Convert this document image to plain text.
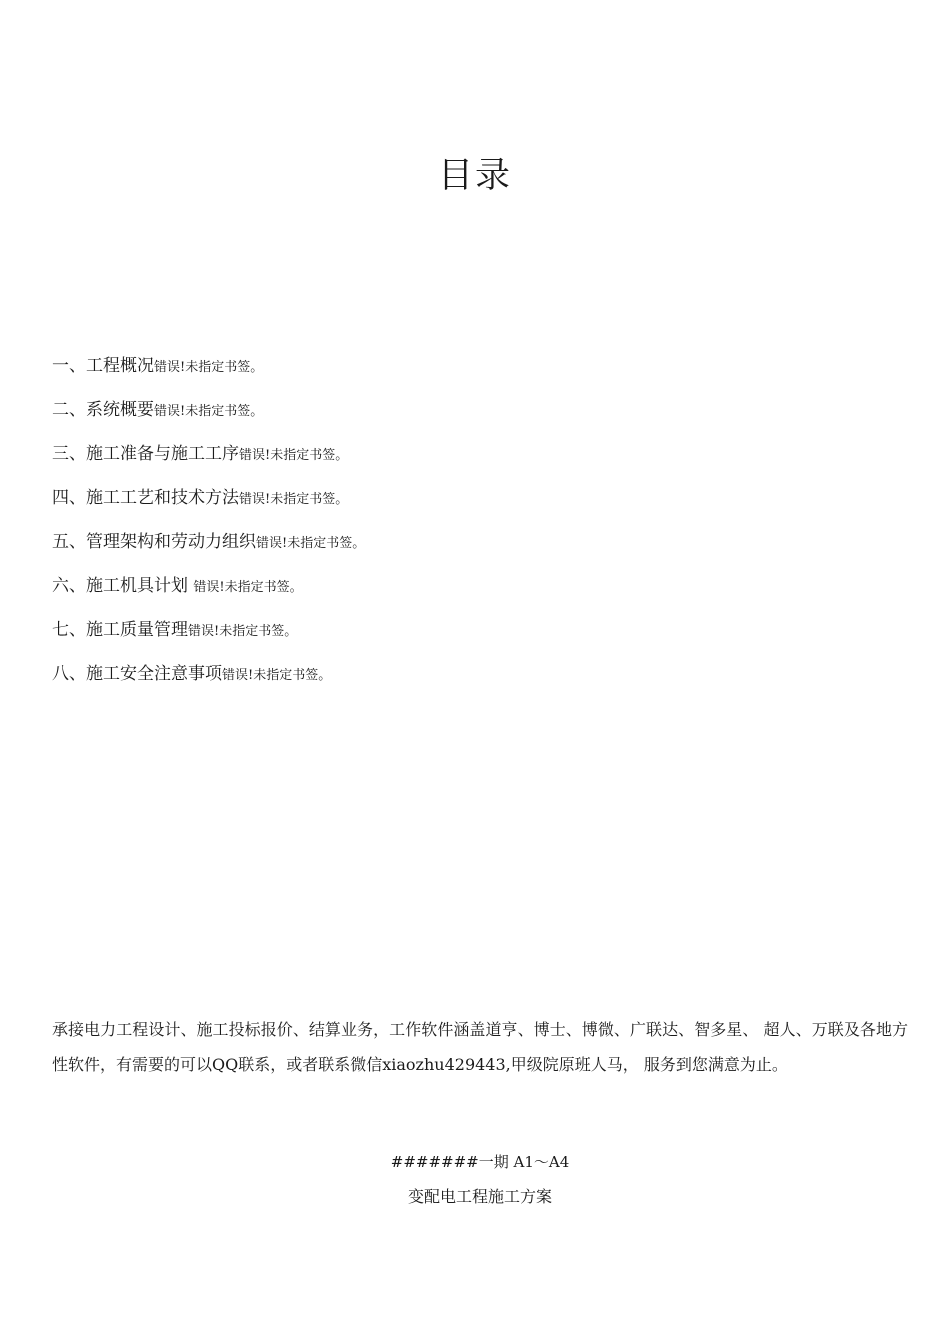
目录
一、工程概况错误!未指定书签。
二、系统概要错误!未指定书签。
三、施工准备与施工工序错误!未指定书签。
四、施工工艺和技术方法错误!未指定书签。
五、管理架构和劳动力组织错误!未指定书签。
六、施工机具计划 错误!未指定书签。
七、施工质量管理错误!未指定书签。
八、施工安全注意事项错误!未指定书签。
承接电力工程设计、施工投标报价、结算业务，工作软件涵盖道亨、博士、博微、广联达、智多星、 超人、万联及各地方性软件，有需要的可以QQ联系，或者联系微信xiaozhu429443,甲级院原班人马， 服务到您满意为止。
#######一期 A1〜A4
变配电工程施工方案
